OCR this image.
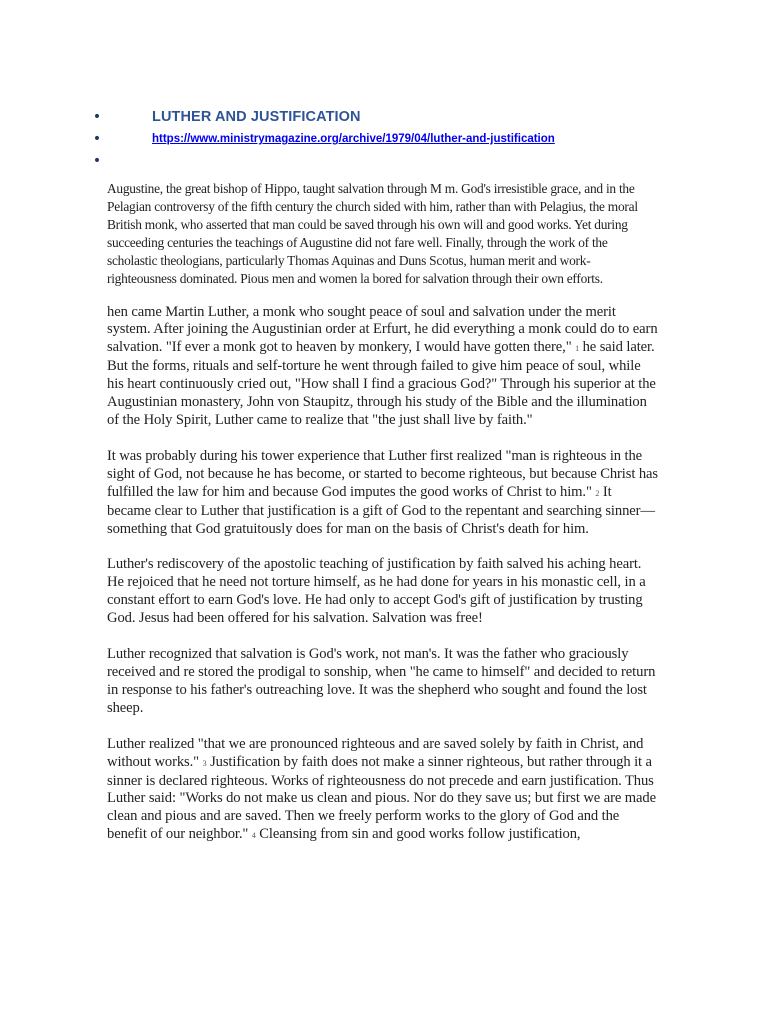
•	LUTHER AND JUSTIFICATION
•	https://www.ministrymagazine.org/archive/1979/04/luther-and-justification
•

Augustine, the great bishop of Hippo, taught salvation through M m. God's irresistible grace, and in the Pelagian controversy of the fifth century the church sided with him, rather than with Pelagius, the moral British monk, who asserted that man could be saved through his own will and good works. Yet during succeeding centuries the teachings of Augustine did not fare well. Finally, through the work of the scholastic theologians, particularly Thomas Aquinas and Duns Scotus, human merit and work-righteousness dominated. Pious men and women la bored for salvation through their own efforts.

hen came Martin Luther, a monk who sought peace of soul and salvation under the merit system. After joining the Augustinian order at Erfurt, he did everything a monk could do to earn salvation. "If ever a monk got to heaven by monkery, I would have gotten there," 1 he said later. But the forms, rituals and self-torture he went through failed to give him peace of soul, while his heart continuously cried out, "How shall I find a gracious God?" Through his superior at the Augustinian monastery, John von Staupitz, through his study of the Bible and the illumination of the Holy Spirit, Luther came to realize that "the just shall live by faith."

It was probably during his tower experience that Luther first realized "man is righteous in the sight of God, not because he has become, or started to become righteous, but because Christ has fulfilled the law for him and because God imputes the good works of Christ to him." 2 It became clear to Luther that justification is a gift of God to the repentant and searching sinner—something that God gratuitously does for man on the basis of Christ's death for him.

Luther's rediscovery of the apostolic teaching of justification by faith salved his aching heart. He rejoiced that he need not torture himself, as he had done for years in his monastic cell, in a constant effort to earn God's love. He had only to accept God's gift of justification by trusting God. Jesus had been offered for his salvation. Salvation was free!

Luther recognized that salvation is God's work, not man's. It was the father who graciously received and re stored the prodigal to sonship, when "he came to himself" and decided to return in response to his father's outreaching love. It was the shepherd who sought and found the lost sheep.

Luther realized "that we are pronounced righteous and are saved solely by faith in Christ, and without works." 3 Justification by faith does not make a sinner righteous, but rather through it a sinner is declared righteous. Works of righteousness do not precede and earn justification. Thus Luther said: "Works do not make us clean and pious. Nor do they save us; but first we are made clean and pious and are saved. Then we freely perform works to the glory of God and the benefit of our neighbor." 4 Cleansing from sin and good works follow justification,
